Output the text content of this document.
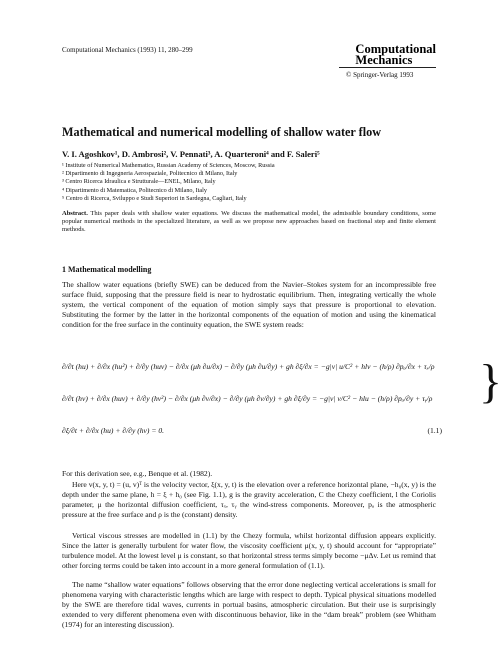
Computational Mechanics (1993) 11, 280–299	Computational
Mechanics
© Springer-Verlag 1993
Mathematical and numerical modelling of shallow water flow
V. I. Agoshkov¹, D. Ambrosi², V. Pennati³, A. Quarteroni⁴ and F. Saleri⁵
¹ Institute of Numerical Mathematics, Russian Academy of Sciences, Moscow, Russia
² Dipartimento di Ingegneria Aerospaziale, Politecnico di Milano, Italy
³ Centro Ricerca Idraulica e Strutturale—ENEL, Milano, Italy
⁴ Dipartimento di Matematica, Politecnico di Milano, Italy
⁵ Centro di Ricerca, Sviluppo e Studi Superiori in Sardegna, Cagliari, Italy
Abstract. This paper deals with shallow water equations. We discuss the mathematical model, the admissible boundary conditions, some popular numerical methods in the specialized literature, as well as we propose new approaches based on fractional step and finite element methods.
1 Mathematical modelling
The shallow water equations (briefly SWE) can be deduced from the Navier–Stokes system for an incompressible free surface fluid, supposing that the pressure field is near to hydrostatic equilibrium. Then, integrating vertically the whole system, the vertical component of the equation of motion simply says that pressure is proportional to elevation. Substituting the former by the latter in the horizontal components of the equation of motion and using the kinematical condition for the free surface in the continuity equation, the SWE system reads:
∂/∂t (hu) + ∂/∂x (hu²) + ∂/∂y (huv) − ∂/∂x (μh ∂u/∂x) − ∂/∂y (μh ∂u/∂y) + gh ∂ξ/∂x = −g|v| u/C² + hlv − (h/ρ) ∂pₐ/∂x + τₓ/ρ
∂/∂t (hv) + ∂/∂x (huv) + ∂/∂y (hv²) − ∂/∂x (μh ∂v/∂x) − ∂/∂y (μh ∂v/∂y) + gh ∂ξ/∂y = −g|v| v/C² − hlu − (h/ρ) ∂pₐ/∂y + τᵧ/ρ }
∂ξ/∂t + ∂/∂x (hu) + ∂/∂y (hv) = 0.	(1.1)
For this derivation see, e.g., Benque et al. (1982).
Here v(x, y, t) = (u, v)ᵀ is the velocity vector, ξ(x, y, t) is the elevation over a reference horizontal plane, −h₀(x, y) is the depth under the same plane, h = ξ + h₀ (see Fig. 1.1), g is the gravity acceleration, C the Chezy coefficient, l the Coriolis parameter, μ the horizontal diffusion coefficient, τₓ, τᵧ the wind-stress components. Moreover, pₐ is the atmospheric pressure at the free surface and ρ is the (constant) density.
Vertical viscous stresses are modelled in (1.1) by the Chezy formula, whilst horizontal diffusion appears explicitly. Since the latter is generally turbulent for water flow, the viscosity coefficient μ(x, y, t) should account for “appropriate” turbulence model. At the lowest level μ is constant, so that horizontal stress terms simply become −μΔv. Let us remind that other forcing terms could be taken into account in a more general formulation of (1.1).
The name “shallow water equations” follows observing that the error done neglecting vertical accelerations is small for phenomena varying with characteristic lengths which are large with respect to depth. Typical physical situations modelled by the SWE are therefore tidal waves, currents in portual basins, atmospheric circulation. But their use is surprisingly extended to very different phenomena even with discontinuous behavior, like in the “dam break” problem (see Whitham (1974) for an interesting discussion).
